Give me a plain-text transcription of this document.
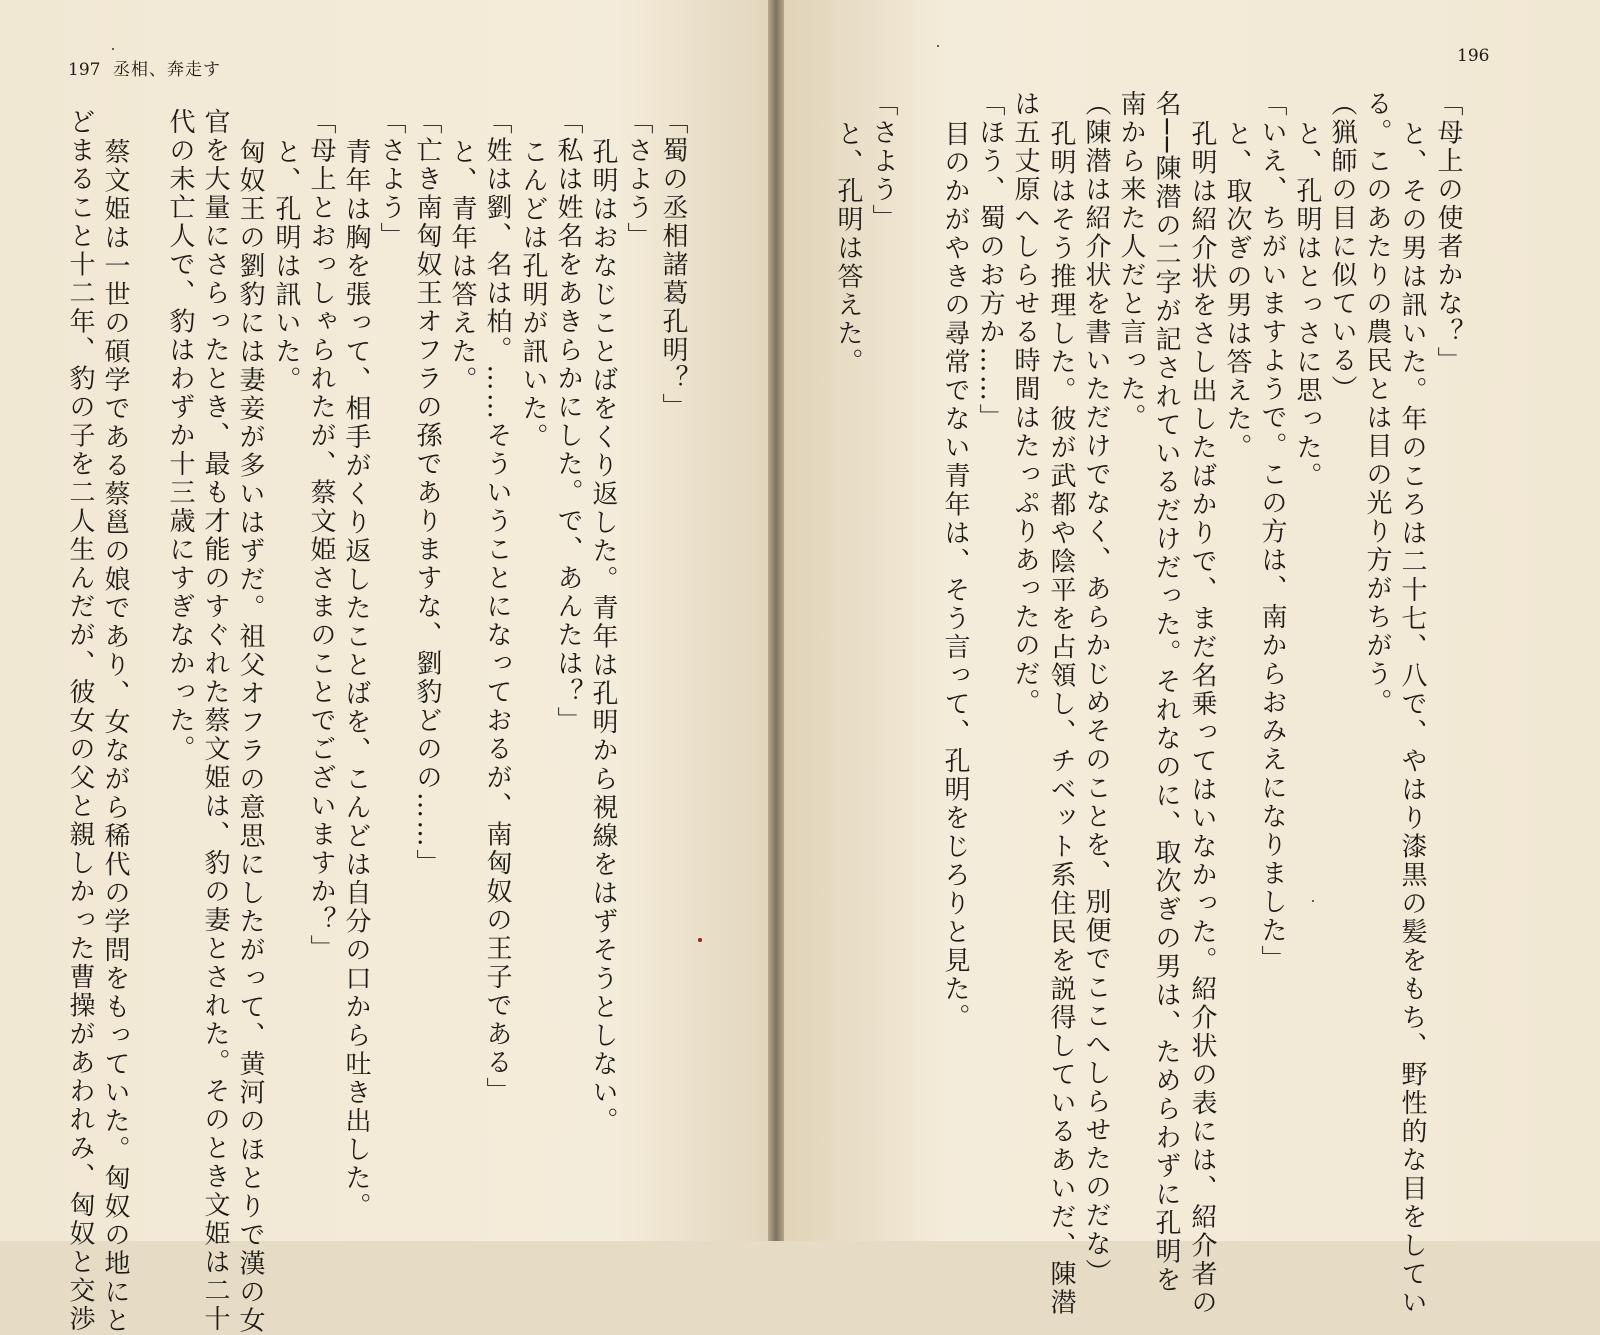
197 丞相、奔走す
196
「母上の使者かな？」
と、その男は訊いた。年のころは二十七、八で、やはり漆黒の髪をもち、野性的な目をしてい
る。このあたりの農民とは目の光り方がちがう。
（猟師の目に似ている）
と、孔明はとっさに思った。
「いえ、ちがいますようで。この方は、南からおみえになりました」
と、取次ぎの男は答えた。
孔明は紹介状をさし出したばかりで、まだ名乗ってはいなかった。紹介状の表には、紹介者の
名──陳潜の二字が記されているだけだった。それなのに、取次ぎの男は、ためらわずに孔明を
南から来た人だと言った。
（陳潜は紹介状を書いただけでなく、あらかじめそのことを、別便でここへしらせたのだな）
孔明はそう推理した。彼が武都や陰平を占領し、チベット系住民を説得しているあいだ、陳潜
は五丈原へしらせる時間はたっぷりあったのだ。
「ほう、蜀のお方か……」
目のかがやきの尋常でない青年は、そう言って、孔明をじろりと見た。
「さよう」
と、孔明は答えた。
「蜀の丞相諸葛孔明？」
「さよう」
孔明はおなじことばをくり返した。青年は孔明から視線をはずそうとしない。
「私は姓名をあきらかにした。で、あんたは？」
こんどは孔明が訊いた。
「姓は劉、名は柏。……そういうことになっておるが、南匈奴の王子である」
と、青年は答えた。
「亡き南匈奴王オフラの孫でありますな、劉豹どのの……」
「さよう」
青年は胸を張って、相手がくり返したことばを、こんどは自分の口から吐き出した。
「母上とおっしゃられたが、蔡文姫さまのことでございますか？」
と、孔明は訊いた。
匈奴王の劉豹には妻妾が多いはずだ。祖父オフラの意思にしたがって、黄河のほとりで漢の女
官を大量にさらったとき、最も才能のすぐれた蔡文姫は、豹の妻とされた。そのとき文姫は二十
代の未亡人で、豹はわずか十三歳にすぎなかった。
蔡文姫は一世の碩学である蔡邕の娘であり、女ながら稀代の学問をもっていた。匈奴の地にと
どまること十二年、豹の子を二人生んだが、彼女の父と親しかった曹操があわれみ、匈奴と交渉
